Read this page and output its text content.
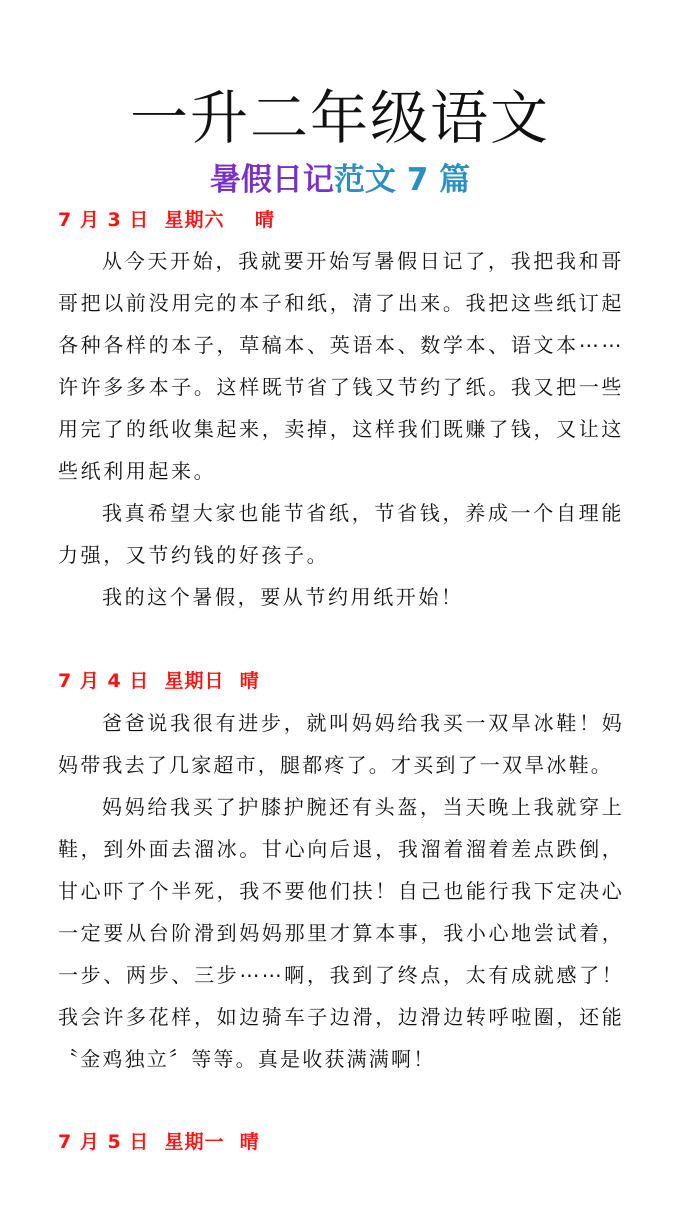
一升二年级语文
暑假日记范文 7 篇
7 月 3 日  星期六    晴

从今天开始，我就要开始写暑假日记了，我把我和哥哥把以前没用完的本子和纸，清了出来。我把这些纸订起各种各样的本子，草稿本、英语本、数学本、语文本⋯⋯许许多多本子。这样既节省了钱又节约了纸。我又把一些用完了的纸收集起来，卖掉，这样我们既赚了钱，又让这些纸利用起来。

我真希望大家也能节省纸，节省钱，养成一个自理能力强，又节约钱的好孩子。

我的这个暑假，要从节约用纸开始！

7 月 4 日  星期日  晴

爸爸说我很有进步，就叫妈妈给我买一双旱冰鞋！妈妈带我去了几家超市，腿都疼了。才买到了一双旱冰鞋。

妈妈给我买了护膝护腕还有头盔，当天晚上我就穿上鞋，到外面去溜冰。甘心向后退，我溜着溜着差点跌倒，甘心吓了个半死，我不要他们扶！自己也能行我下定决心一定要从台阶滑到妈妈那里才算本事，我小心地尝试着，一步、两步、三步⋯⋯啊，我到了终点，太有成就感了！我会许多花样，如边骑车子边滑，边滑边转呼啦圈，还能〝金鸡独立〞等等。真是收获满满啊！

7 月 5 日  星期一  晴
